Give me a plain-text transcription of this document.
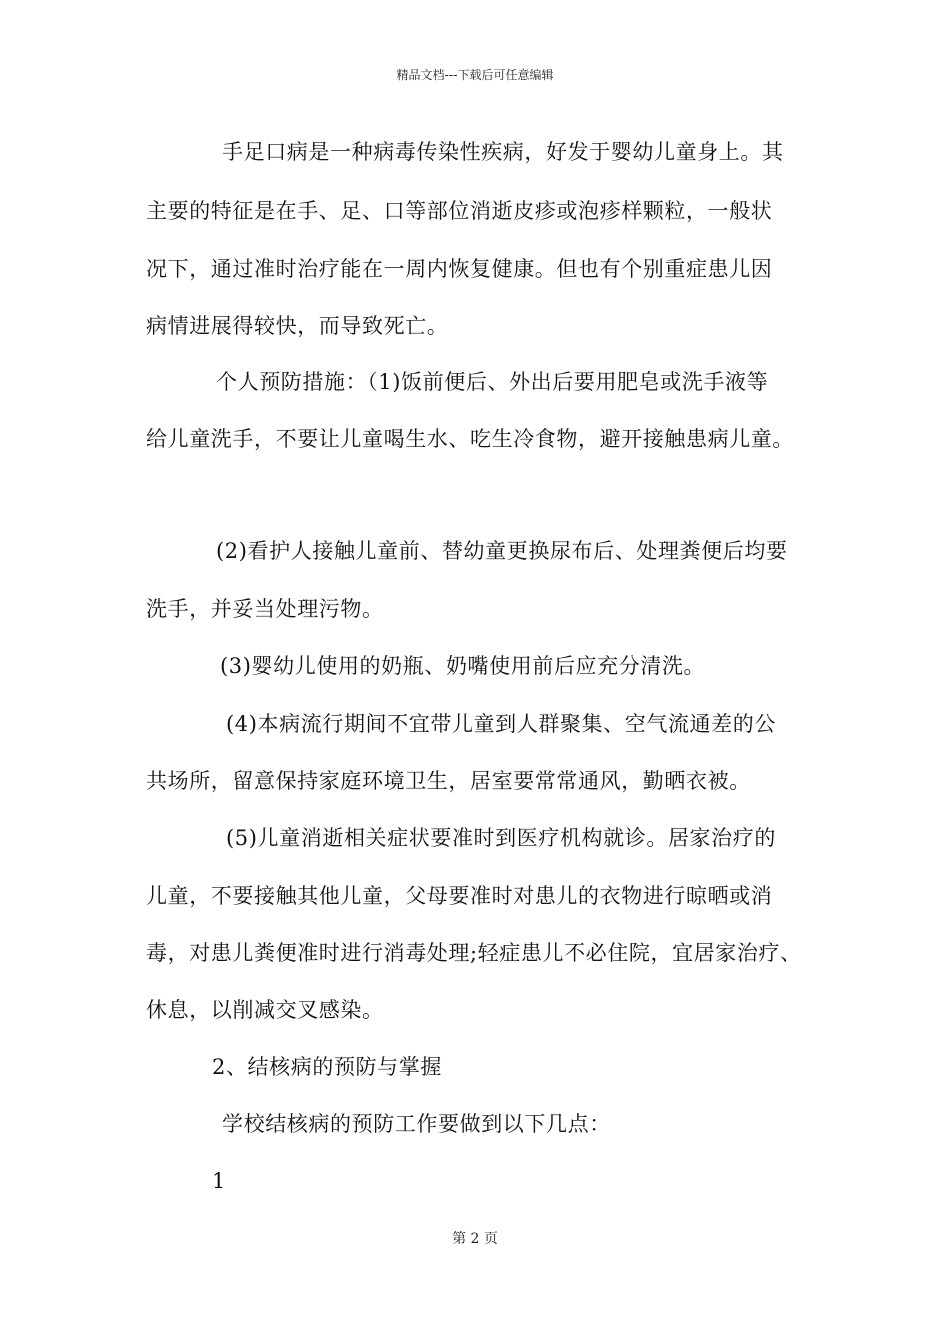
精品文档---下载后可任意编辑
手足口病是一种病毒传染性疾病，好发于婴幼儿童身上。其
主要的特征是在手、足、口等部位消逝皮疹或泡疹样颗粒，一般状
况下，通过准时治疗能在一周内恢复健康。但也有个别重症患儿因
病情进展得较快，而导致死亡。
个人预防措施：（1)饭前便后、外出后要用肥皂或洗手液等
给儿童洗手，不要让儿童喝生水、吃生冷食物，避开接触患病儿童。
(2)看护人接触儿童前、替幼童更换尿布后、处理粪便后均要
洗手，并妥当处理污物。
(3)婴幼儿使用的奶瓶、奶嘴使用前后应充分清洗。
(4)本病流行期间不宜带儿童到人群聚集、空气流通差的公
共场所，留意保持家庭环境卫生，居室要常常通风，勤晒衣被。
(5)儿童消逝相关症状要准时到医疗机构就诊。居家治疗的
儿童，不要接触其他儿童，父母要准时对患儿的衣物进行晾晒或消
毒，对患儿粪便准时进行消毒处理;轻症患儿不必住院，宜居家治疗、
休息，以削减交叉感染。
2、结核病的预防与掌握
学校结核病的预防工作要做到以下几点：
1
第 2 页
